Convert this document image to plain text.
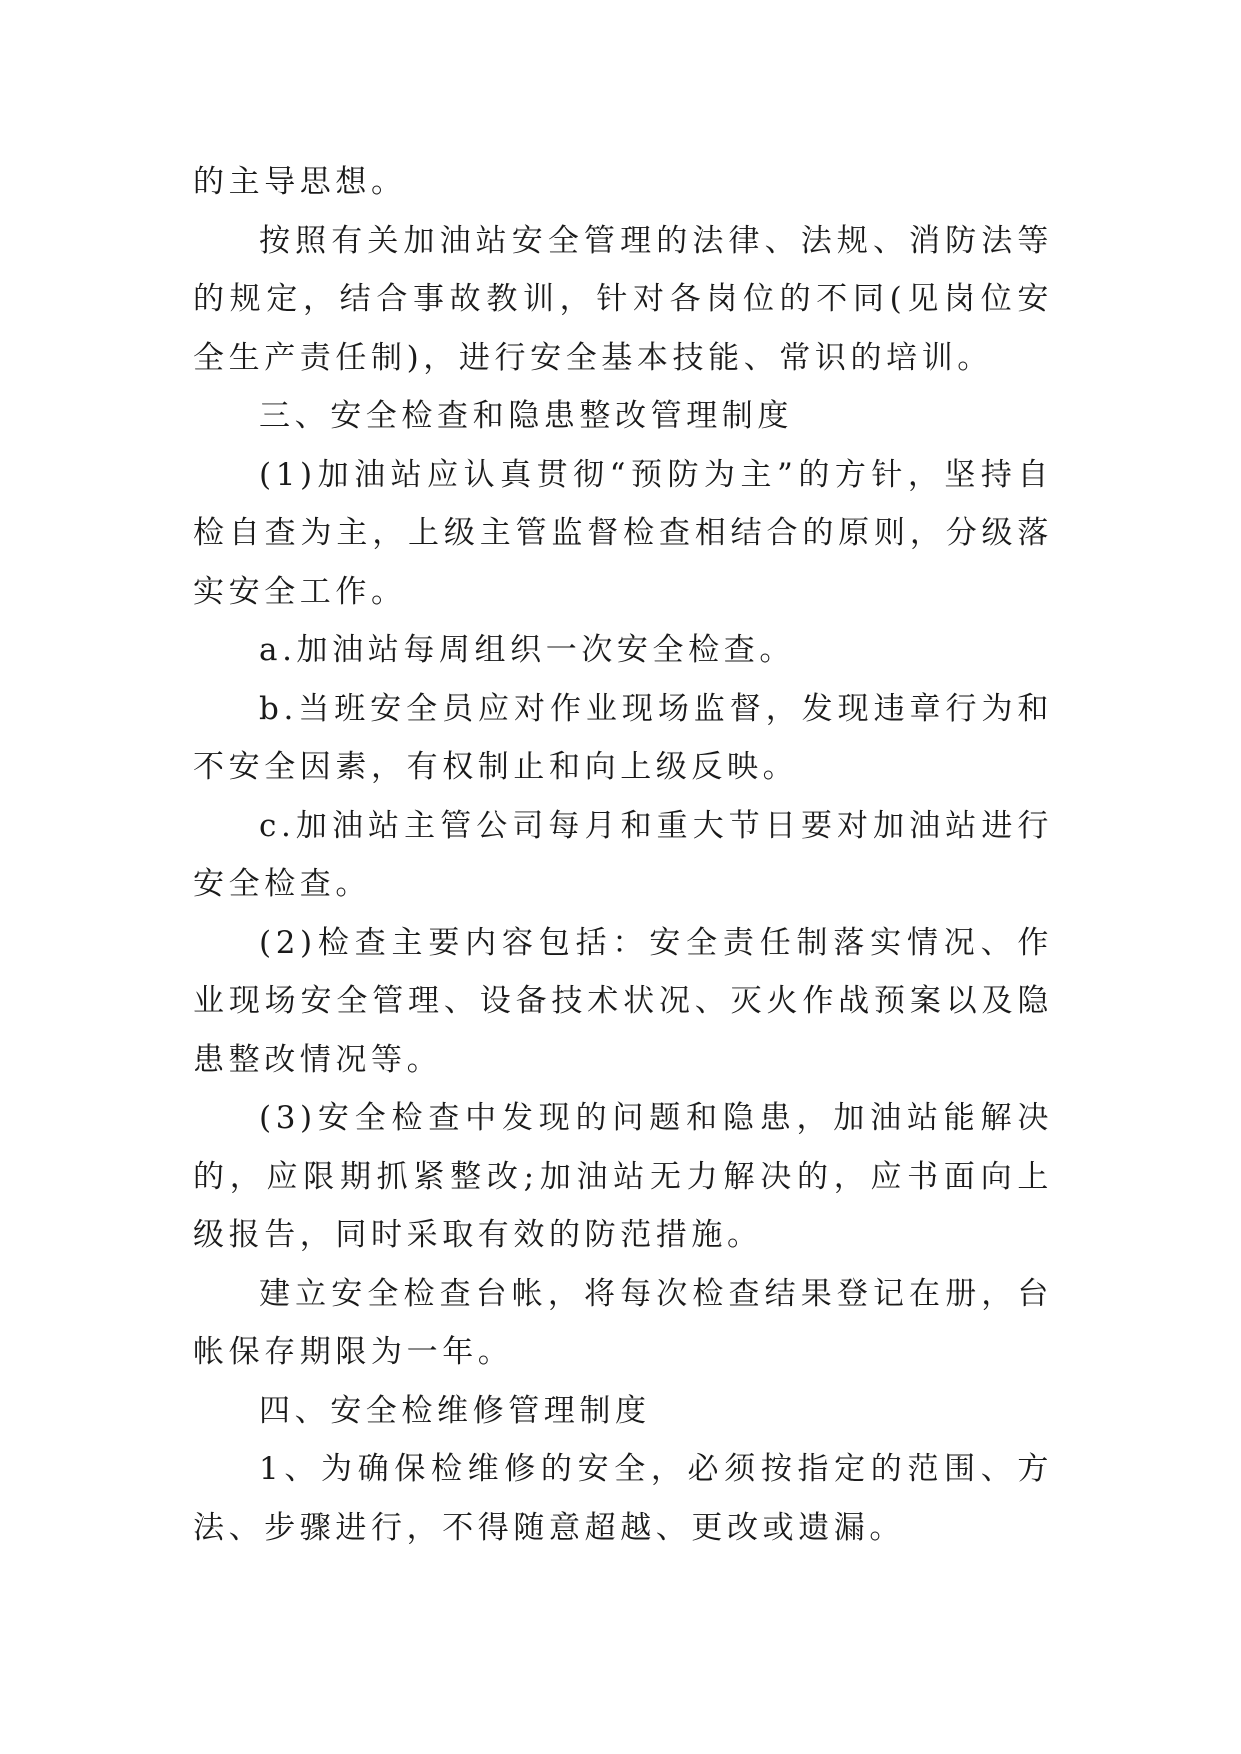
的主导思想。

按照有关加油站安全管理的法律、法规、消防法等的规定，结合事故教训，针对各岗位的不同(见岗位安全生产责任制)，进行安全基本技能、常识的培训。

三、安全检查和隐患整改管理制度

(1)加油站应认真贯彻“预防为主”的方针，坚持自检自查为主，上级主管监督检查相结合的原则，分级落实安全工作。

a.加油站每周组织一次安全检查。

b.当班安全员应对作业现场监督，发现违章行为和不安全因素，有权制止和向上级反映。

c.加油站主管公司每月和重大节日要对加油站进行安全检查。

(2)检查主要内容包括：安全责任制落实情况、作业现场安全管理、设备技术状况、灭火作战预案以及隐患整改情况等。

(3)安全检查中发现的问题和隐患，加油站能解决的，应限期抓紧整改;加油站无力解决的，应书面向上级报告，同时采取有效的防范措施。

建立安全检查台帐，将每次检查结果登记在册，台帐保存期限为一年。

四、安全检维修管理制度

1、为确保检维修的安全，必须按指定的范围、方法、步骤进行，不得随意超越、更改或遗漏。
